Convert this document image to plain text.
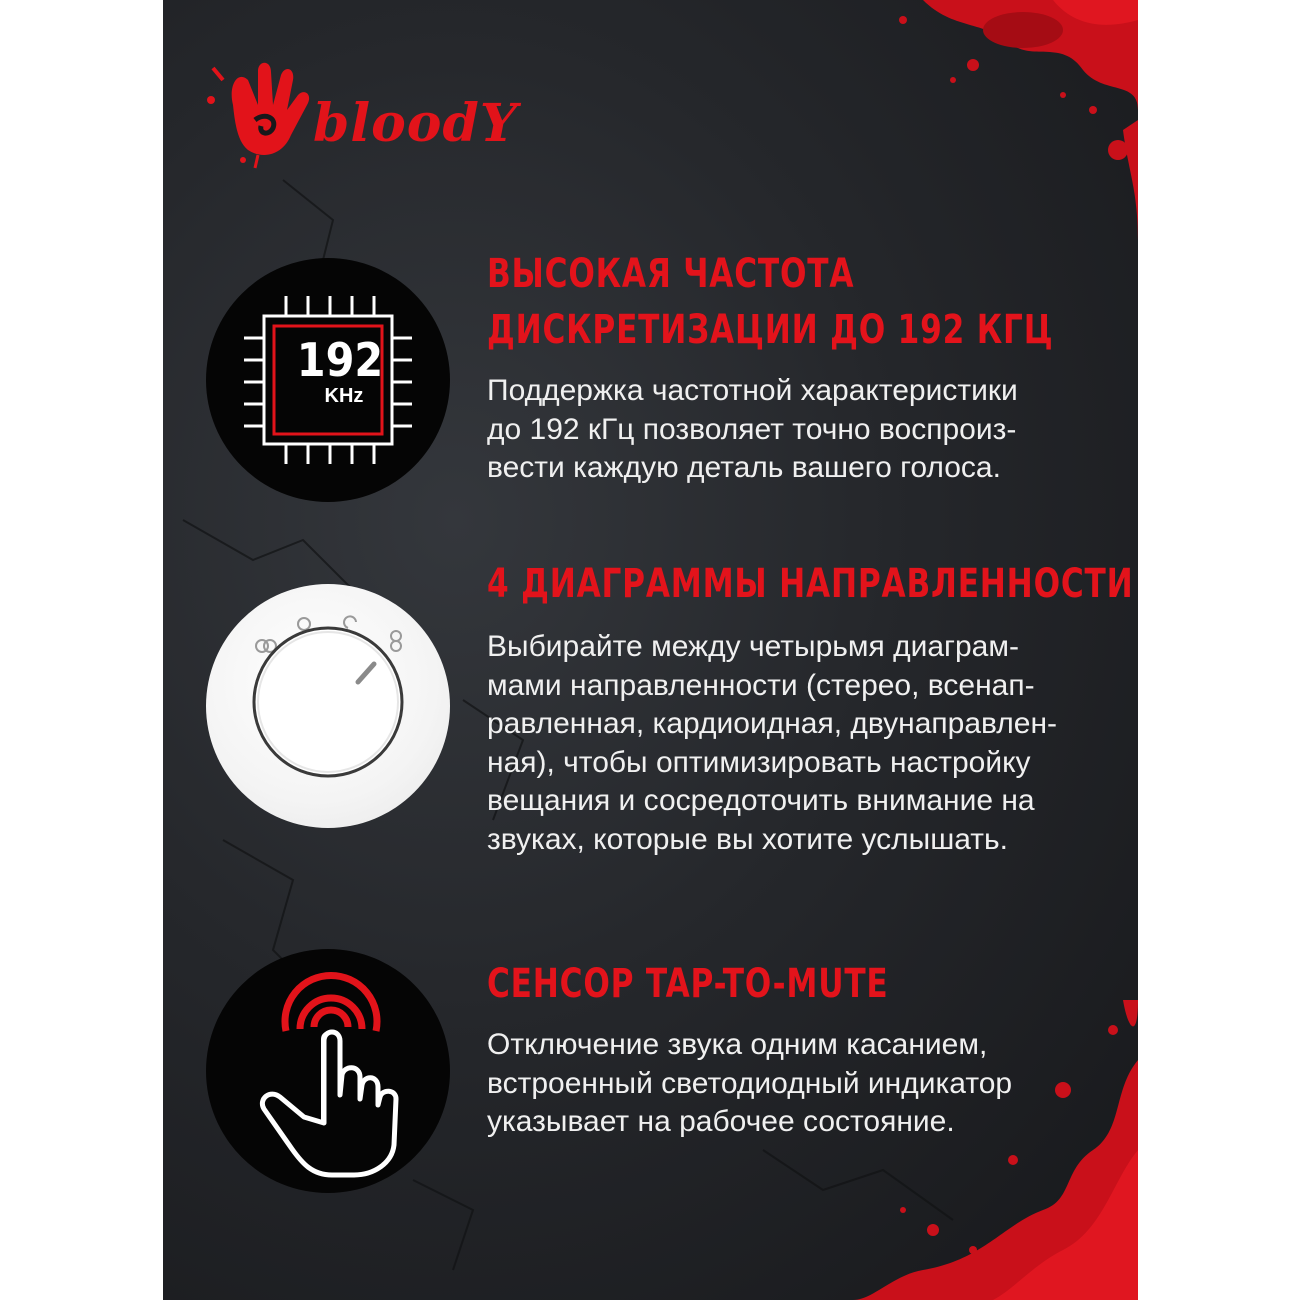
bloodY

192
KHz
ВЫСОКАЯ ЧАСТОТА
ДИСКРЕТИЗАЦИИ ДО 192 КГЦ

Поддержка частотной характеристики
до 192 кГц позволяет точно воспроиз-
вести каждую деталь вашего голоса.

4 ДИАГРАММЫ НАПРАВЛЕННОСТИ

Выбирайте между четырьмя диаграм-
мами направленности (стерео, всенап-
равленная, кардиоидная, двунаправлен-
ная), чтобы оптимизировать настройку
вещания и сосредоточить внимание на
звуках, которые вы хотите услышать.

СЕНСОР TAP-TO-MUTE

Отключение звука одним касанием,
встроенный светодиодный индикатор
указывает на рабочее состояние.
